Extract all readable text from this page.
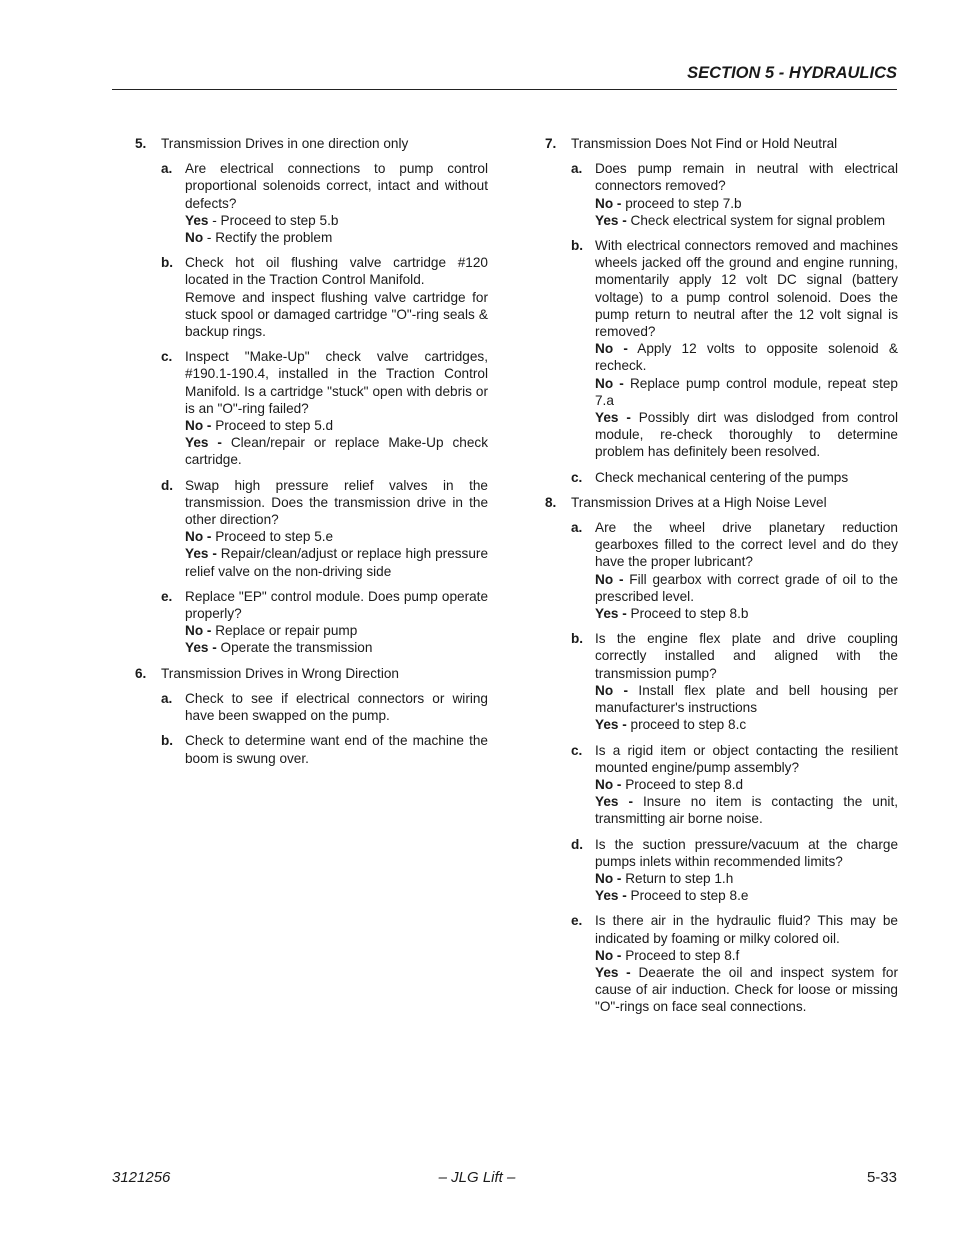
SECTION 5 - HYDRAULICS
5. Transmission Drives in one direction only
a. Are electrical connections to pump control proportional solenoids correct, intact and without defects?
Yes - Proceed to step 5.b
No - Rectify the problem
b. Check hot oil flushing valve cartridge #120 located in the Traction Control Manifold.
Remove and inspect flushing valve cartridge for stuck spool or damaged cartridge "O"-ring seals & backup rings.
c. Inspect "Make-Up" check valve cartridges, #190.1-190.4, installed in the Traction Control Manifold. Is a cartridge "stuck" open with debris or is an "O"-ring failed?
No - Proceed to step 5.d
Yes - Clean/repair or replace Make-Up check cartridge.
d. Swap high pressure relief valves in the transmission. Does the transmission drive in the other direction?
No - Proceed to step 5.e
Yes - Repair/clean/adjust or replace high pressure relief valve on the non-driving side
e. Replace "EP" control module. Does pump operate properly?
No - Replace or repair pump
Yes - Operate the transmission
6. Transmission Drives in Wrong Direction
a. Check to see if electrical connectors or wiring have been swapped on the pump.
b. Check to determine want end of the machine the boom is swung over.
7. Transmission Does Not Find or Hold Neutral
a. Does pump remain in neutral with electrical connectors removed?
No - proceed to step 7.b
Yes - Check electrical system for signal problem
b. With electrical connectors removed and machines wheels jacked off the ground and engine running, momentarily apply 12 volt DC signal (battery voltage) to a pump control solenoid. Does the pump return to neutral after the 12 volt signal is removed?
No - Apply 12 volts to opposite solenoid & recheck.
No - Replace pump control module, repeat step 7.a
Yes - Possibly dirt was dislodged from control module, re-check thoroughly to determine problem has definitely been resolved.
c. Check mechanical centering of the pumps
8. Transmission Drives at a High Noise Level
a. Are the wheel drive planetary reduction gearboxes filled to the correct level and do they have the proper lubricant?
No - Fill gearbox with correct grade of oil to the prescribed level.
Yes - Proceed to step 8.b
b. Is the engine flex plate and drive coupling correctly installed and aligned with the transmission pump?
No - Install flex plate and bell housing per manufacturer's instructions
Yes - proceed to step 8.c
c. Is a rigid item or object contacting the resilient mounted engine/pump assembly?
No - Proceed to step 8.d
Yes - Insure no item is contacting the unit, transmitting air borne noise.
d. Is the suction pressure/vacuum at the charge pumps inlets within recommended limits?
No - Return to step 1.h
Yes - Proceed to step 8.e
e. Is there air in the hydraulic fluid? This may be indicated by foaming or milky colored oil.
No - Proceed to step 8.f
Yes - Deaerate the oil and inspect system for cause of air induction. Check for loose or missing "O"-rings on face seal connections.
3121256	– JLG Lift –	5-33
